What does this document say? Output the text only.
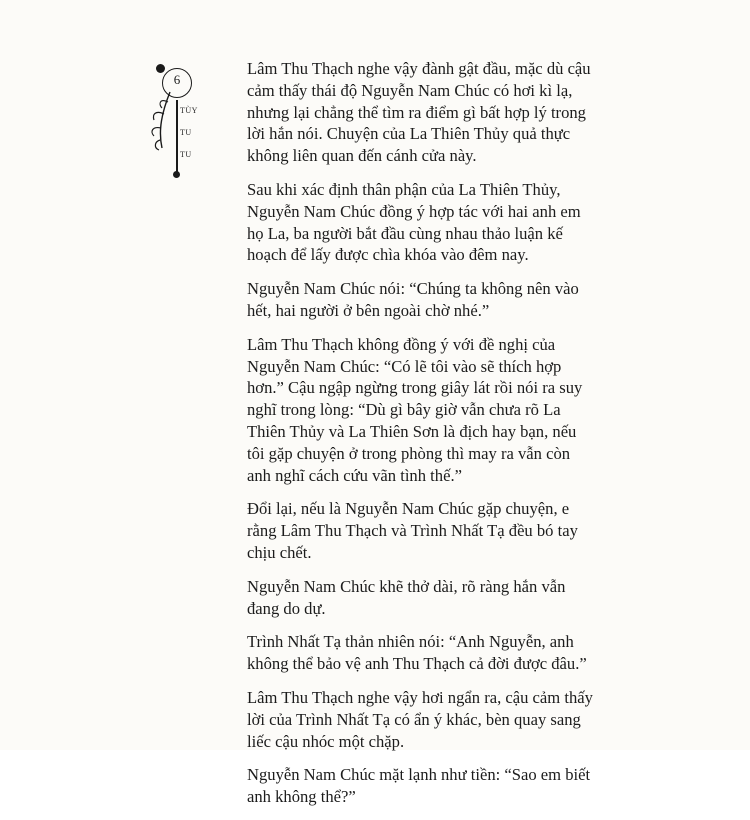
6
TÙY
TU
TU

Lâm Thu Thạch nghe vậy đành gật đầu, mặc dù cậu cảm thấy thái độ Nguyễn Nam Chúc có hơi kì lạ, nhưng lại chẳng thể tìm ra điểm gì bất hợp lý trong lời hắn nói. Chuyện của La Thiên Thủy quả thực không liên quan đến cánh cửa này.

Sau khi xác định thân phận của La Thiên Thủy, Nguyễn Nam Chúc đồng ý hợp tác với hai anh em họ La, ba người bắt đầu cùng nhau thảo luận kế hoạch để lấy được chìa khóa vào đêm nay.

Nguyễn Nam Chúc nói: “Chúng ta không nên vào hết, hai người ở bên ngoài chờ nhé.”

Lâm Thu Thạch không đồng ý với đề nghị của Nguyễn Nam Chúc: “Có lẽ tôi vào sẽ thích hợp hơn.” Cậu ngập ngừng trong giây lát rồi nói ra suy nghĩ trong lòng: “Dù gì bây giờ vẫn chưa rõ La Thiên Thủy và La Thiên Sơn là địch hay bạn, nếu tôi gặp chuyện ở trong phòng thì may ra vẫn còn anh nghĩ cách cứu vãn tình thế.”

Đổi lại, nếu là Nguyễn Nam Chúc gặp chuyện, e rằng Lâm Thu Thạch và Trình Nhất Tạ đều bó tay chịu chết.

Nguyễn Nam Chúc khẽ thở dài, rõ ràng hắn vẫn đang do dự.

Trình Nhất Tạ thản nhiên nói: “Anh Nguyễn, anh không thể bảo vệ anh Thu Thạch cả đời được đâu.”

Lâm Thu Thạch nghe vậy hơi ngẩn ra, cậu cảm thấy lời của Trình Nhất Tạ có ẩn ý khác, bèn quay sang liếc cậu nhóc một chặp.

Nguyễn Nam Chúc mặt lạnh như tiền: “Sao em biết anh không thể?”
